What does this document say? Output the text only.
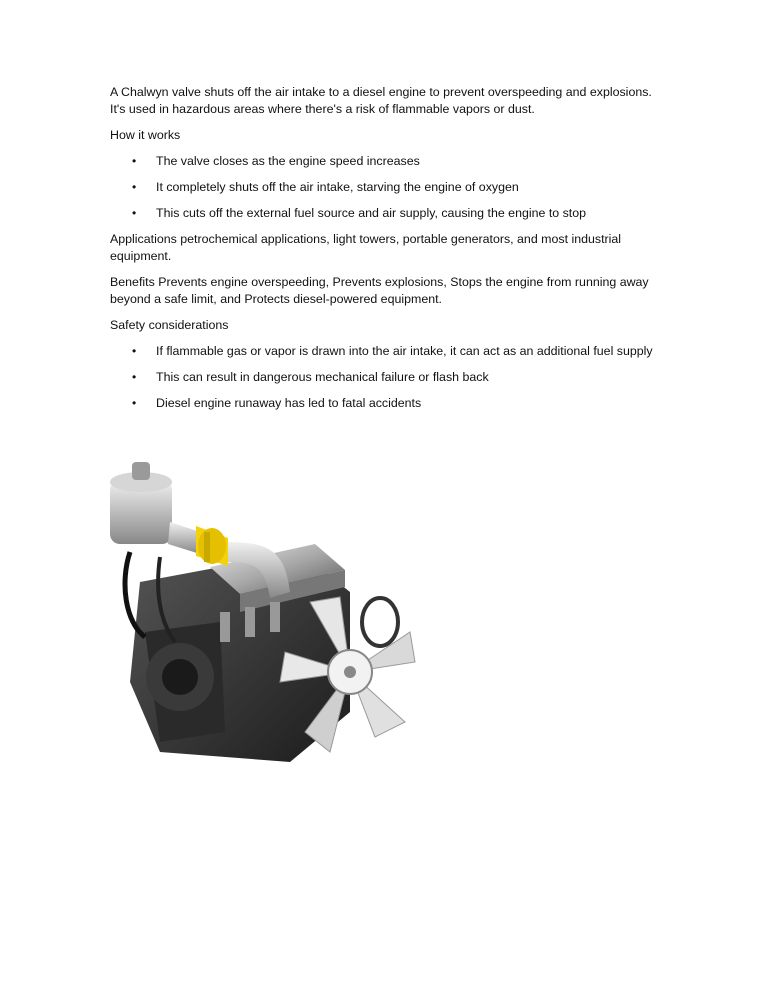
A Chalwyn valve shuts off the air intake to a diesel engine to prevent overspeeding and explosions. It's used in hazardous areas where there's a risk of flammable vapors or dust.

How it works

• The valve closes as the engine speed increases
• It completely shuts off the air intake, starving the engine of oxygen
• This cuts off the external fuel source and air supply, causing the engine to stop

Applications petrochemical applications, light towers, portable generators, and most industrial equipment.

Benefits Prevents engine overspeeding, Prevents explosions, Stops the engine from running away beyond a safe limit, and Protects diesel-powered equipment.

Safety considerations

• If flammable gas or vapor is drawn into the air intake, it can act as an additional fuel supply
• This can result in dangerous mechanical failure or flash back
• Diesel engine runaway has led to fatal accidents
